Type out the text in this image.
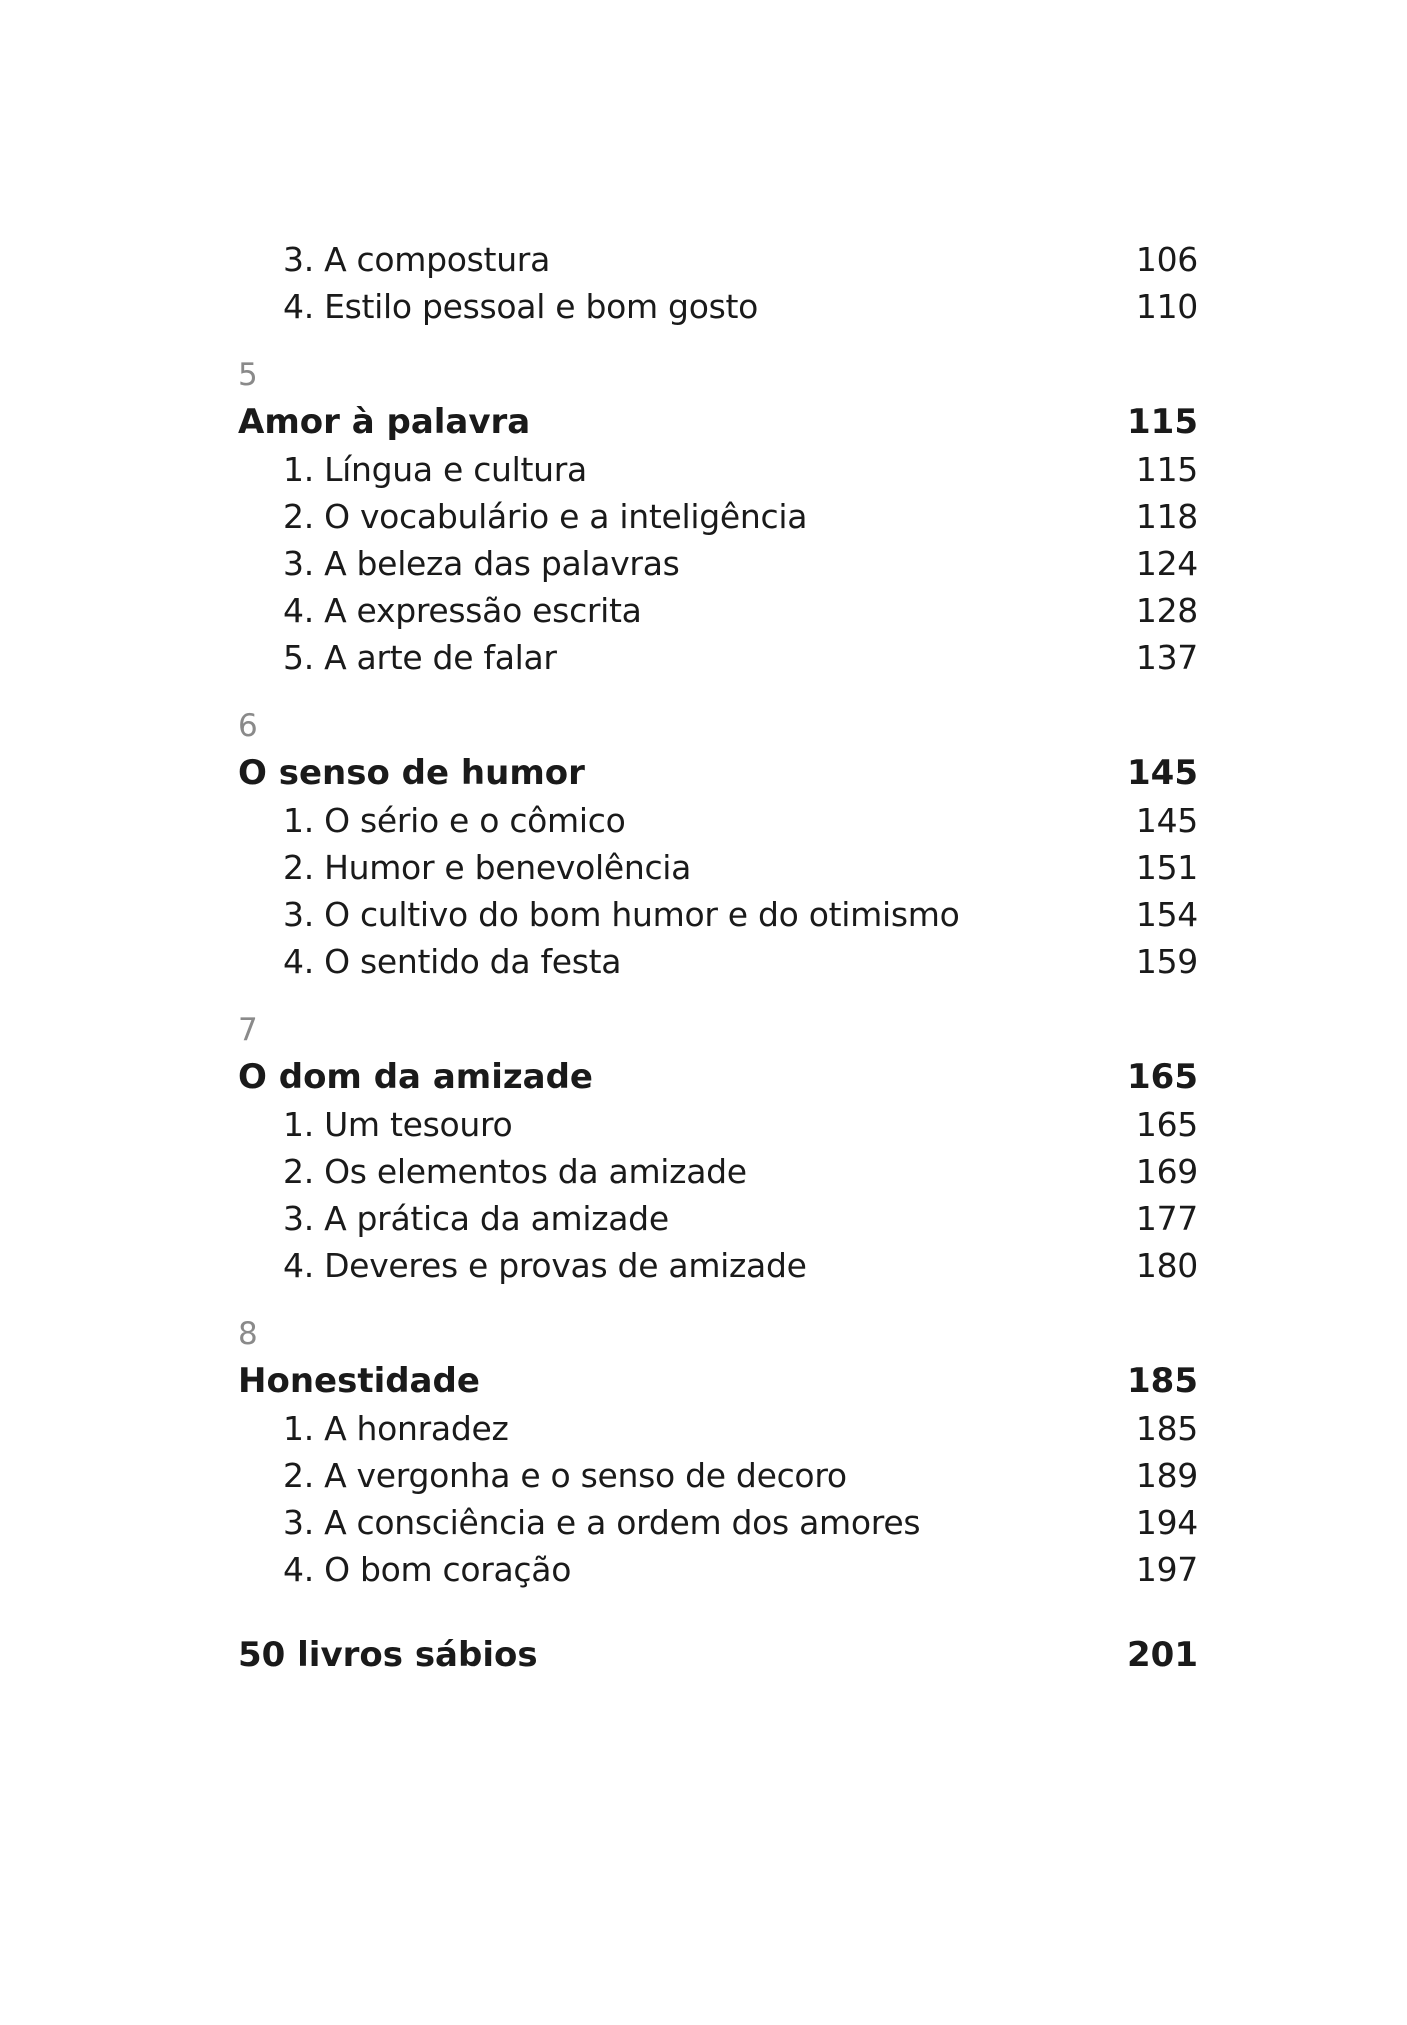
3. A compostura	106
4. Estilo pessoal e bom gosto	110
5
Amor à palavra	115
1. Língua e cultura	115
2. O vocabulário e a inteligência	118
3. A beleza das palavras	124
4. A expressão escrita	128
5. A arte de falar	137
6
O senso de humor	145
1. O sério e o cômico	145
2. Humor e benevolência	151
3. O cultivo do bom humor e do otimismo	154
4. O sentido da festa	159
7
O dom da amizade	165
1. Um tesouro	165
2. Os elementos da amizade	169
3. A prática da amizade	177
4. Deveres e provas de amizade	180
8
Honestidade	185
1. A honradez	185
2. A vergonha e o senso de decoro	189
3. A consciência e a ordem dos amores	194
4. O bom coração	197
50 livros sábios	201
